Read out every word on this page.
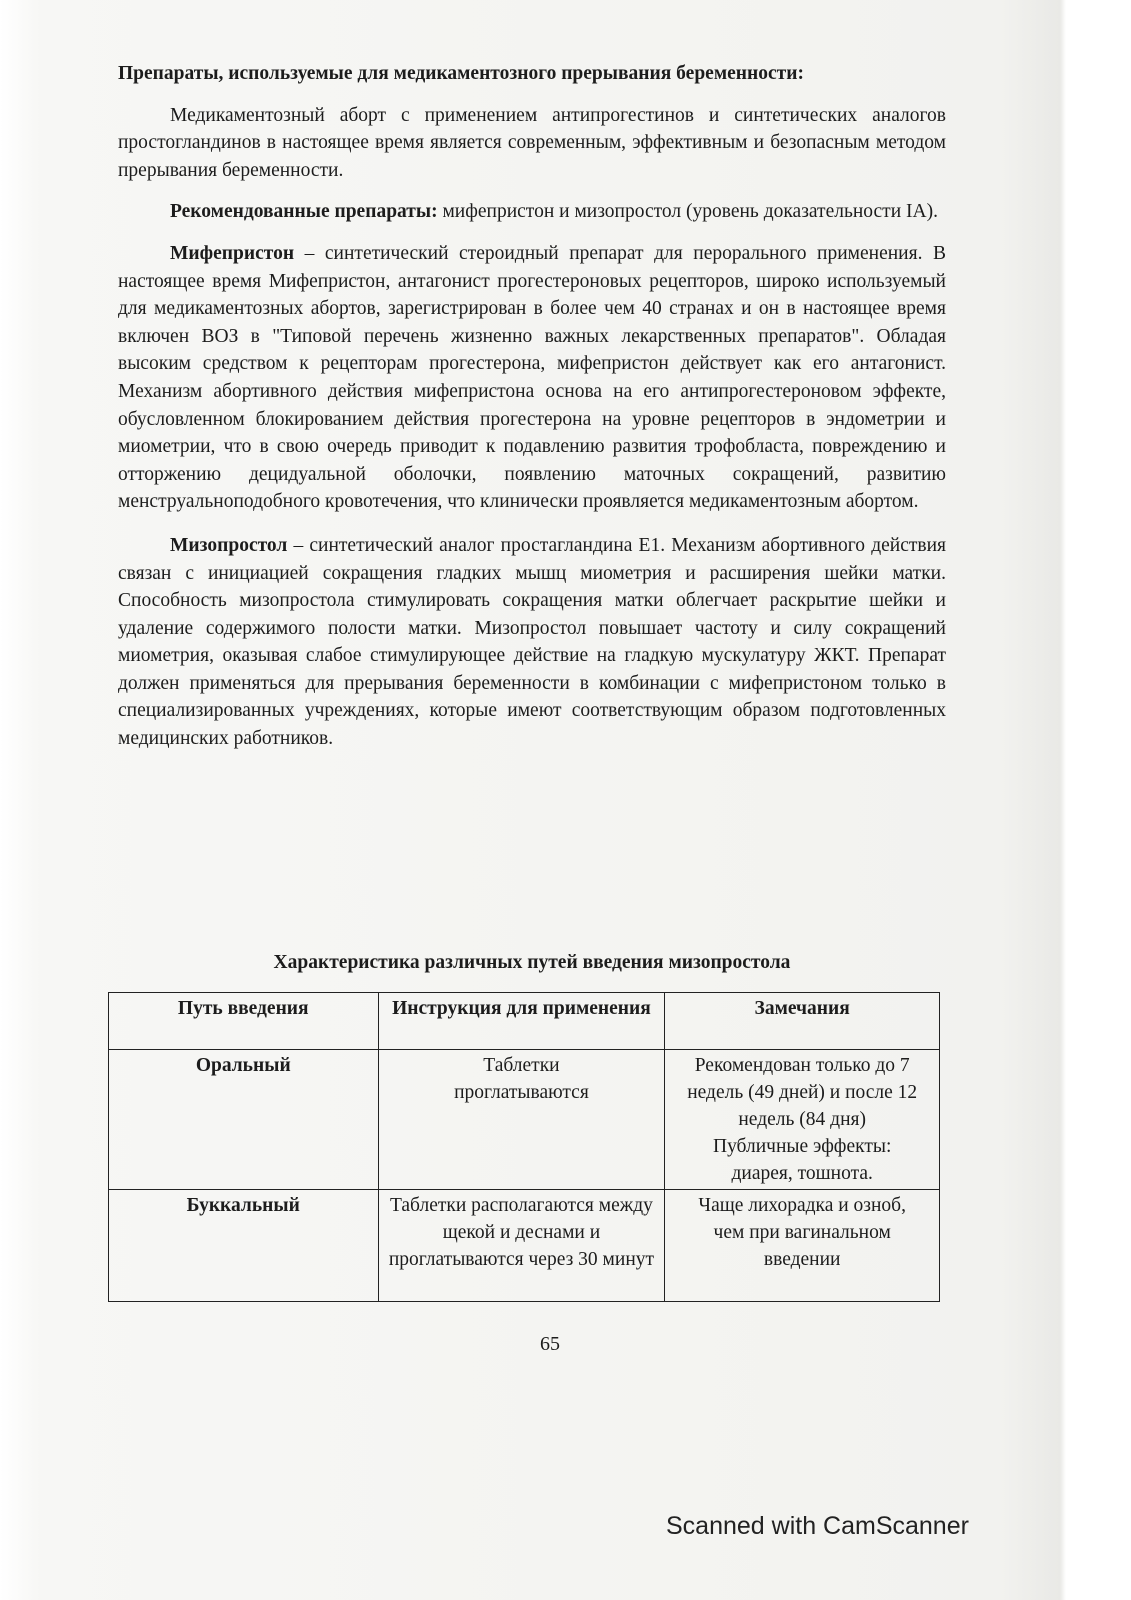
Препараты, используемые для медикаментозного прерывания беременности:

Медикаментозный аборт с применением антипрогестинов и синтетических аналогов простогландинов в настоящее время является современным, эффективным и безопасным методом прерывания беременности.

Рекомендованные препараты: мифепристон и мизопростол (уровень доказательности IA).

Мифепристон – синтетический стероидный препарат для перорального применения. В настоящее время Мифепристон, антагонист прогестероновых рецепторов, широко используемый для медикаментозных абортов, зарегистрирован в более чем 40 странах и он в настоящее время включен ВОЗ в "Типовой перечень жизненно важных лекарственных препаратов". Обладая высоким средством к рецепторам прогестерона, мифепристон действует как его антагонист. Механизм абортивного действия мифепристона основа на его антипрогестероновом эффекте, обусловленном блокированием действия прогестерона на уровне рецепторов в эндометрии и миометрии, что в свою очередь приводит к подавлению развития трофобласта, повреждению и отторжению децидуальной оболочки, появлению маточных сокращений, развитию менструальноподобного кровотечения, что клинически проявляется медикаментозным абортом.

Мизопростол – синтетический аналог простагландина Е1. Механизм абортивного действия связан с инициацией сокращения гладких мышц миометрия и расширения шейки матки. Способность мизопростола стимулировать сокращения матки облегчает раскрытие шейки и удаление содержимого полости матки. Мизопростол повышает частоту и силу сокращений миометрия, оказывая слабое стимулирующее действие на гладкую мускулатуру ЖКТ. Препарат должен применяться для прерывания беременности в комбинации с мифепристоном только в специализированных учреждениях, которые имеют соответствующим образом подготовленных медицинских работников.

Характеристика различных путей введения мизопростола
Путь введения	Инструкция для применения	Замечания
Оральный	Таблетки проглатываются	Рекомендован только до 7 недель (49 дней) и после 12 недель (84 дня)
Публичные эффекты: диарея, тошнота.

Буккальный	Таблетки располагаются между щекой и деснами и проглатываются через 30 минут	Чаще лихорадка и озноб, чем при вагинальном введении
65
Scanned with CamScanner
